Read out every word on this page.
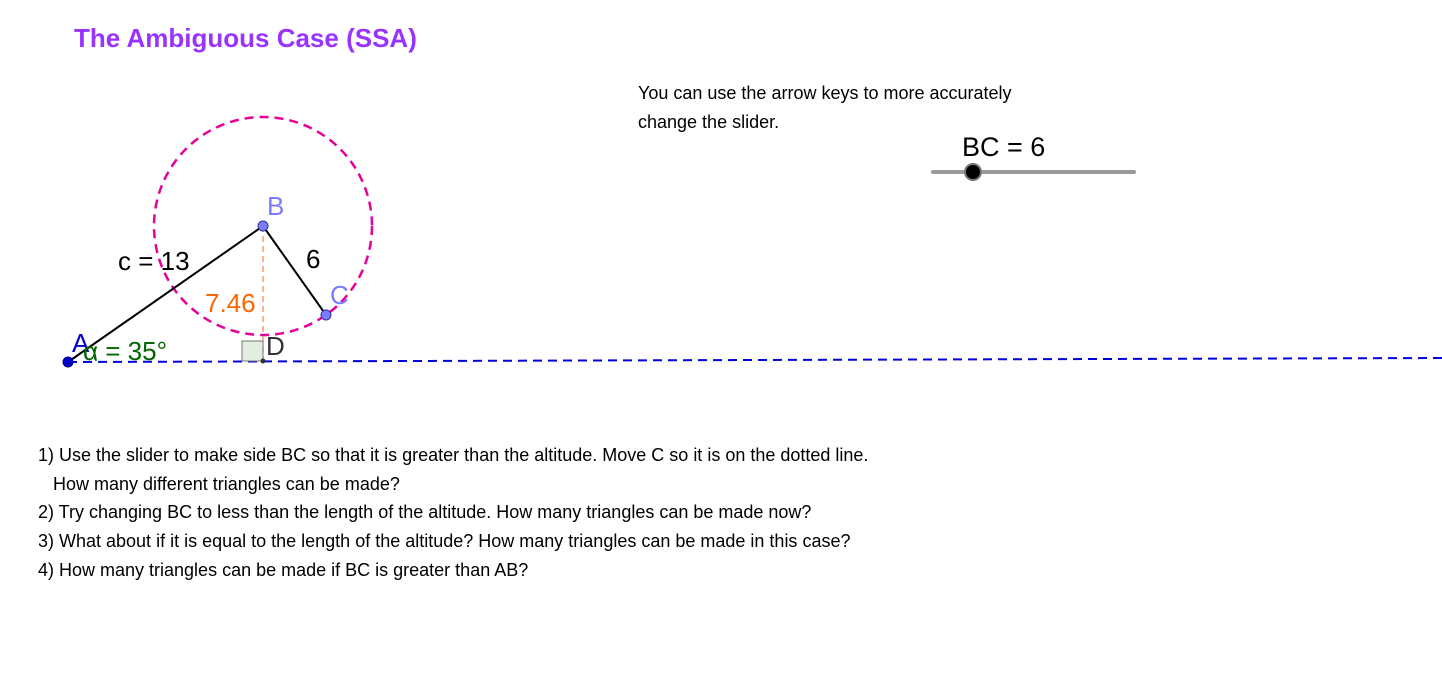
The Ambiguous Case (SSA)
You can use the arrow keys to more accurately
change the slider.
BC = 6
A
B
C
D
c = 13	6
7.46
α = 35°
1) Use the slider to make side BC so that it is greater than the altitude. Move C so it is on the dotted line.
How many different triangles can be made?
2) Try changing BC to less than the length of the altitude. How many triangles can be made now?
3) What about if it is equal to the length of the altitude? How many triangles can be made in this case?
4) How many triangles can be made if BC is greater than AB?
